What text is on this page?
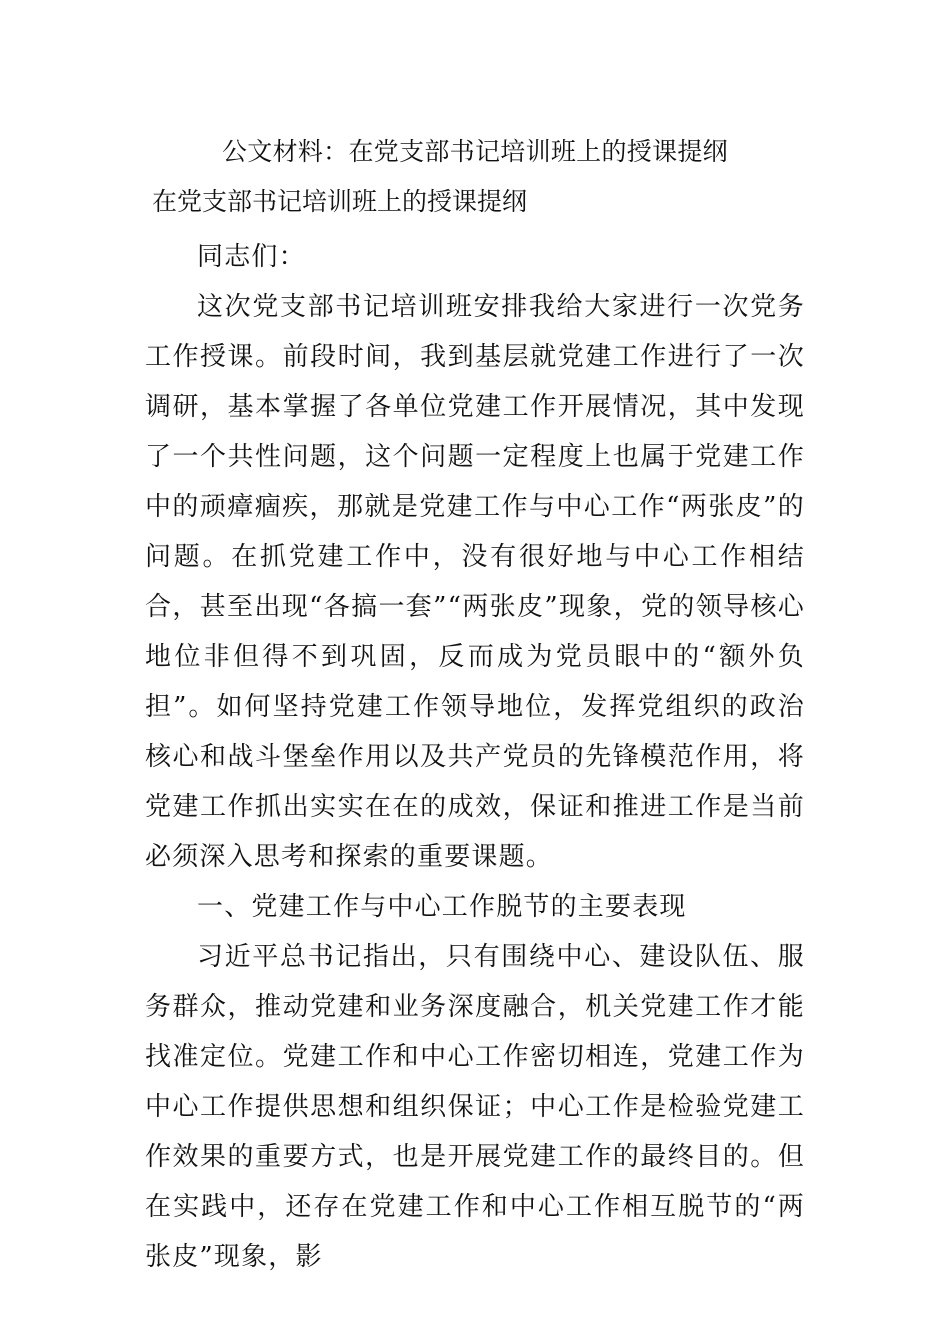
公文材料：在党支部书记培训班上的授课提纲
在党支部书记培训班上的授课提纲

同志们：

这次党支部书记培训班安排我给大家进行一次党务工作授课。前段时间，我到基层就党建工作进行了一次调研，基本掌握了各单位党建工作开展情况，其中发现了一个共性问题，这个问题一定程度上也属于党建工作中的顽瘴痼疾，那就是党建工作与中心工作“两张皮”的问题。在抓党建工作中，没有很好地与中心工作相结合，甚至出现“各搞一套”“两张皮”现象，党的领导核心地位非但得不到巩固，反而成为党员眼中的“额外负担”。如何坚持党建工作领导地位，发挥党组织的政治核心和战斗堡垒作用以及共产党员的先锋模范作用，将党建工作抓出实实在在的成效，保证和推进工作是当前必须深入思考和探索的重要课题。

一、党建工作与中心工作脱节的主要表现

习近平总书记指出，只有围绕中心、建设队伍、服务群众，推动党建和业务深度融合，机关党建工作才能找准定位。党建工作和中心工作密切相连，党建工作为中心工作提供思想和组织保证；中心工作是检验党建工作效果的重要方式，也是开展党建工作的最终目的。但在实践中，还存在党建工作和中心工作相互脱节的“两张皮”现象，影
